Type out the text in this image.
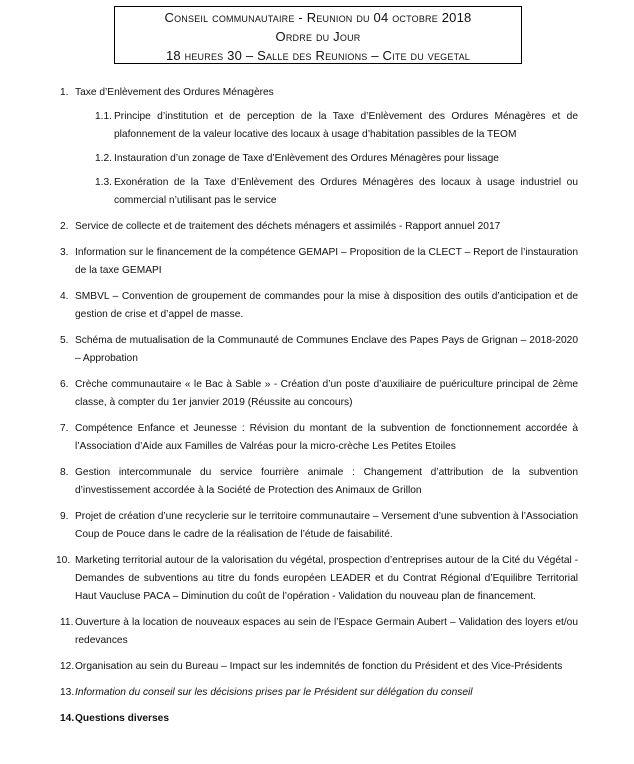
Conseil communautaire - Reunion du 04 octobre 2018
Ordre du Jour
18 heures 30 – Salle des Reunions – Cite du vegetal
1. Taxe d’Enlèvement des Ordures Ménagères
1.1. Principe d’institution et de perception de la Taxe d’Enlèvement des Ordures Ménagères et de plafonnement de la valeur locative des locaux à usage d’habitation passibles de la TEOM
1.2. Instauration d’un zonage de Taxe d’Enlèvement des Ordures Ménagères pour lissage
1.3. Exonération de la Taxe d’Enlèvement des Ordures Ménagères des locaux à usage industriel ou commercial n’utilisant pas le service
2. Service de collecte et de traitement des déchets ménagers et assimilés - Rapport annuel 2017
3. Information sur le financement de la compétence GEMAPI – Proposition de la CLECT – Report de l’instauration de la taxe GEMAPI
4. SMBVL – Convention de groupement de commandes pour la mise à disposition des outils d’anticipation et de gestion de crise et d’appel de masse.
5. Schéma de mutualisation de la Communauté de Communes Enclave des Papes Pays de Grignan – 2018-2020 – Approbation
6. Crèche communautaire « le Bac à Sable » - Création d’un poste d’auxiliaire de puériculture principal de 2ème classe, à compter du 1er janvier 2019 (Réussite au concours)
7. Compétence Enfance et Jeunesse : Révision du montant de la subvention de fonctionnement accordée à l’Association d’Aide aux Familles de Valréas pour la micro-crèche Les Petites Etoiles
8. Gestion intercommunale du service fourrière animale : Changement d’attribution de la subvention d’investissement accordée à la Société de Protection des Animaux de Grillon
9. Projet de création d’une recyclerie sur le territoire communautaire – Versement d’une subvention à l’Association Coup de Pouce dans le cadre de la réalisation de l’étude de faisabilité.
10. Marketing territorial autour de la valorisation du végétal, prospection d’entreprises autour de la Cité du Végétal - Demandes de subventions au titre du fonds européen LEADER et du Contrat Régional d’Equilibre Territorial Haut Vaucluse PACA – Diminution du coût de l’opération - Validation du nouveau plan de financement.
11. Ouverture à la location de nouveaux espaces au sein de l’Espace Germain Aubert – Validation des loyers et/ou redevances
12. Organisation au sein du Bureau – Impact sur les indemnités de fonction du Président et des Vice-Présidents
13. Information du conseil sur les décisions prises par le Président sur délégation du conseil
14. Questions diverses
